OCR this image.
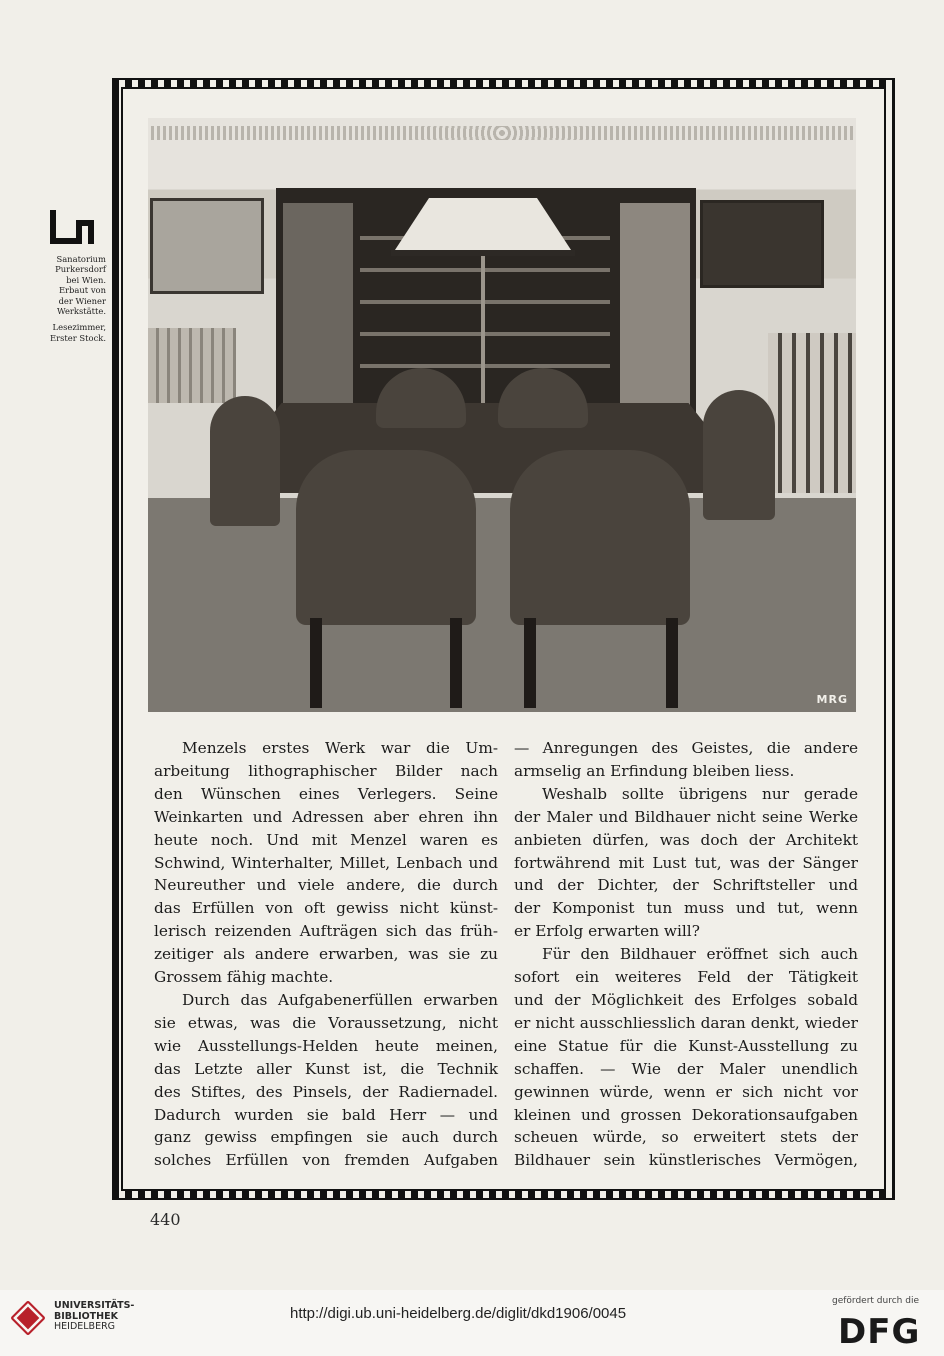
Sanatorium
Purkersdorf
bei Wien.
Erbaut von
der Wiener
Werkstätte.
Lesezimmer,
Erster Stock.
MRG
Menzels erstes Werk war die Um-
arbeitung lithographischer Bilder nach
den Wünschen eines Verlegers. Seine
Weinkarten und Adressen aber ehren ihn
heute noch. Und mit Menzel waren es
Schwind, Winterhalter, Millet, Lenbach und
Neureuther und viele andere, die durch
das Erfüllen von oft gewiss nicht künst-
lerisch reizenden Aufträgen sich das früh-
zeitiger als andere erwarben, was sie zu
Grossem fähig machte.
Durch das Aufgabenerfüllen erwarben
sie etwas, was die Voraussetzung, nicht
wie Ausstellungs-Helden heute meinen,
das Letzte aller Kunst ist, die Technik
des Stiftes, des Pinsels, der Radiernadel.
Dadurch wurden sie bald Herr — und
ganz gewiss empfingen sie auch durch
solches Erfüllen von fremden Aufgaben
— Anregungen des Geistes, die andere
armselig an Erfindung bleiben liess.
Weshalb sollte übrigens nur gerade
der Maler und Bildhauer nicht seine Werke
anbieten dürfen, was doch der Architekt
fortwährend mit Lust tut, was der Sänger
und der Dichter, der Schriftsteller und
der Komponist tun muss und tut, wenn
er Erfolg erwarten will?
Für den Bildhauer eröffnet sich auch
sofort ein weiteres Feld der Tätigkeit
und der Möglichkeit des Erfolges sobald
er nicht ausschliesslich daran denkt, wieder
eine Statue für die Kunst-Ausstellung zu
schaffen. — Wie der Maler unendlich
gewinnen würde, wenn er sich nicht vor
kleinen und grossen Dekorationsaufgaben
scheuen würde, so erweitert stets der
Bildhauer sein künstlerisches Vermögen,
440
UNIVERSITÄTS-
BIBLIOTHEK
HEIDELBERG
http://digi.ub.uni-heidelberg.de/diglit/dkd1906/0045
gefördert durch die
DFG
